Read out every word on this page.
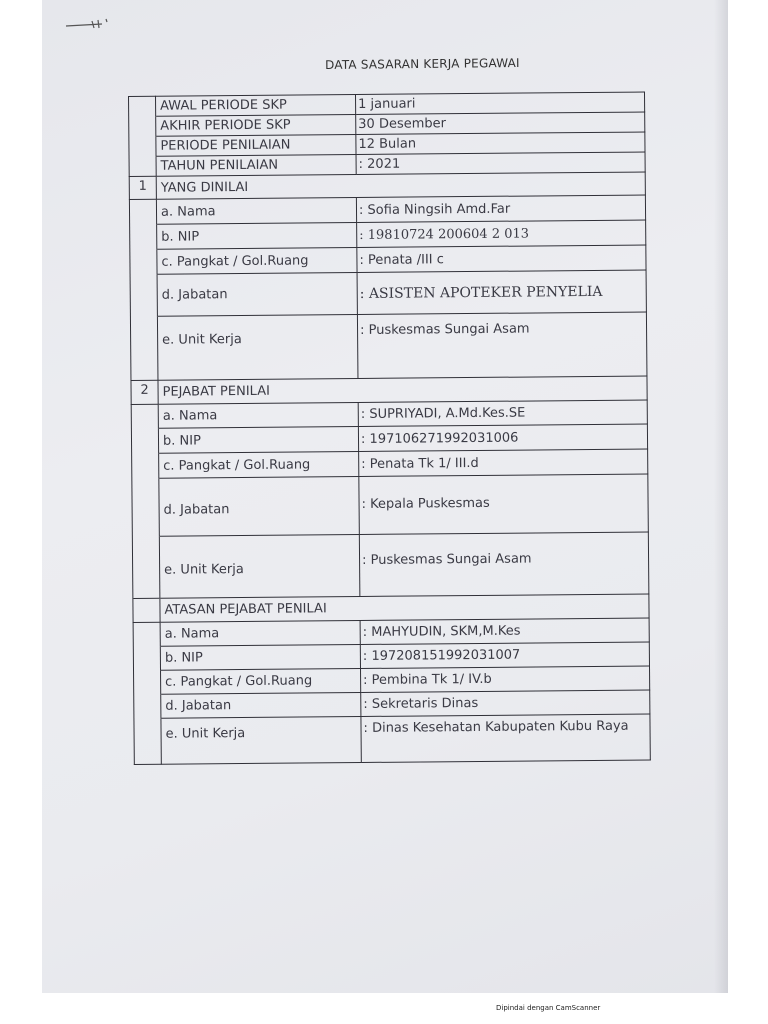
DATA SASARAN KERJA PEGAWAI
	AWAL PERIODE SKP	1 januari
	AKHIR PERIODE SKP	30 Desember
	PERIODE PENILAIAN	12 Bulan
	TAHUN PENILAIAN	: 2021
1	YANG DINILAI	
	a. Nama	: Sofia Ningsih Amd.Far
	b. NIP	: 19810724 200604 2 013
	c. Pangkat / Gol.Ruang	: Penata /III c
	d. Jabatan	: ASISTEN APOTEKER PENYELIA
	e. Unit Kerja	: Puskesmas Sungai Asam
2	PEJABAT PENILAI	
	a. Nama	: SUPRIYADI, A.Md.Kes.SE
	b. NIP	: 197106271992031006
	c. Pangkat / Gol.Ruang	: Penata Tk 1/ III.d
	d. Jabatan	: Kepala Puskesmas
	e. Unit Kerja	: Puskesmas Sungai Asam
	ATASAN PEJABAT PENILAI	
	a. Nama	: MAHYUDIN, SKM,M.Kes
	b. NIP	: 197208151992031007
	c. Pangkat / Gol.Ruang	: Pembina Tk 1/ IV.b
	d. Jabatan	: Sekretaris Dinas
	e. Unit Kerja	: Dinas Kesehatan Kabupaten Kubu Raya
Dipindai dengan CamScanner
